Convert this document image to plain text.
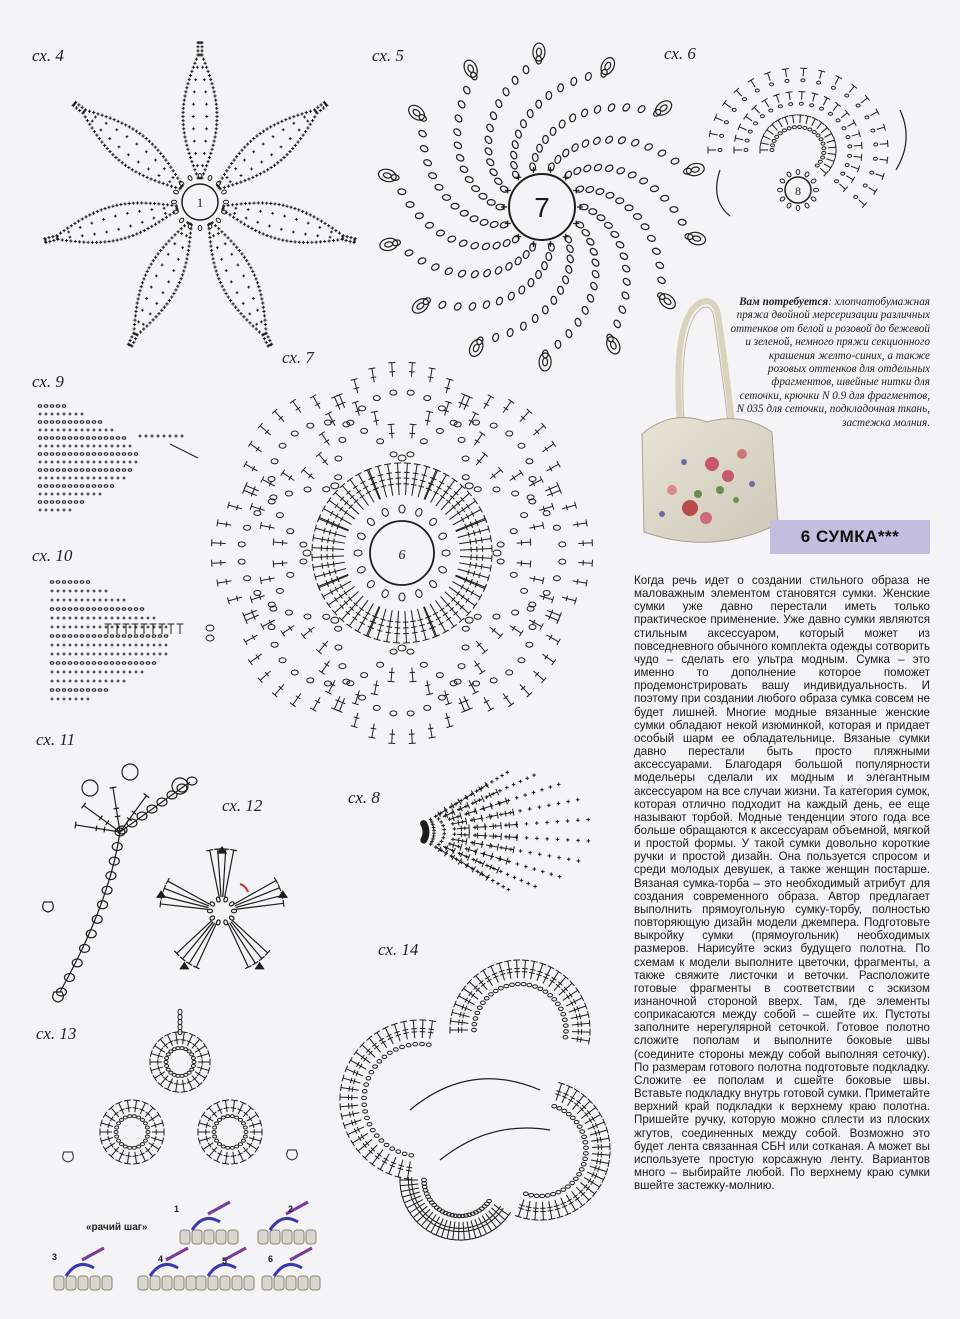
сх. 4	сх. 5	сх. 6
сх. 7
сх. 9
сх. 10
сх. 11
сх. 12	сх. 8
сх. 14
сх. 13
1	7
8
6
«рачий шаг»
1	2
3	4	5	6
Вам потребуется: хлопчатобумажная пряжа двойной мерсеризации различных оттенков от белой и розовой до бежевой и зеленой, немного пряжи секционного крашения желто-синих, а также розовых оттенков для отдельных фрагментов, швейные нитки для сеточки, крючки N 0.9 для фрагментов, N 035 для сеточки, подкладочная ткань, застежка молния.
6 СУМКА***
Когда речь идет о создании стильного образа не маловажным элементом становятся сумки. Женские сумки уже давно перестали иметь только практическое применение. Уже давно сумки являются стильным аксессуаром, который может из повседневного обычного комплекта одежды сотворить чудо – сделать его ультра модным. Сумка – это именно то дополнение которое поможет продемонстрировать вашу индивидуальность. И поэтому при создании любого образа сумка совсем не будет лишней. Многие модные вязанные женские сумки обладают некой изюминкой, которая и придает особый шарм ее обладательнице. Вязаные сумки давно перестали быть просто пляжными аксессуарами. Благодаря большой популярности модельеры сделали их модным и элегантным аксессуаром на все случаи жизни. Та категория сумок, которая отлично подходит на каждый день, ее еще называют торбой. Модные тенденции этого года все больше обращаются к аксессуарам объемной, мягкой и простой формы. У такой сумки довольно короткие ручки и простой дизайн. Она пользуется спросом и среди молодых девушек, а также женщин постарше. Вязаная сумка-торба – это необходимый атрибут для создания современного образа. Автор предлагает выполнить прямоугольную сумку-торбу, полностью повторяющую дизайн модели джемпера. Подготовьте выкройку сумки (прямоугольник) необходимых размеров. Нарисуйте эскиз будущего полотна. По схемам к модели выполните цветочки, фрагменты, а также свяжите листочки и веточки. Расположите готовые фрагменты в соответствии с эскизом изнаночной стороной вверх. Там, где элементы соприкасаются между собой – сшейте их. Пустоты заполните нерегулярной сеточкой. Готовое полотно сложите пополам и выполните боковые швы (соедините стороны между собой выполняя сеточку). По размерам готового полотна подготовьте подкладку. Сложите ее пополам и сшейте боковые швы. Вставьте подкладку внутрь готовой сумки. Приметайте верхний край подкладки к верхнему краю полотна. Пришейте ручку, которую можно сплести из плоских жгутов, соединенных между собой. Возможно это будет лента связанная СБН или сотканая. А может вы используете простую корсажную ленту. Вариантов много – выбирайте любой. По верхнему краю сумки вшейте застежку-молнию.
